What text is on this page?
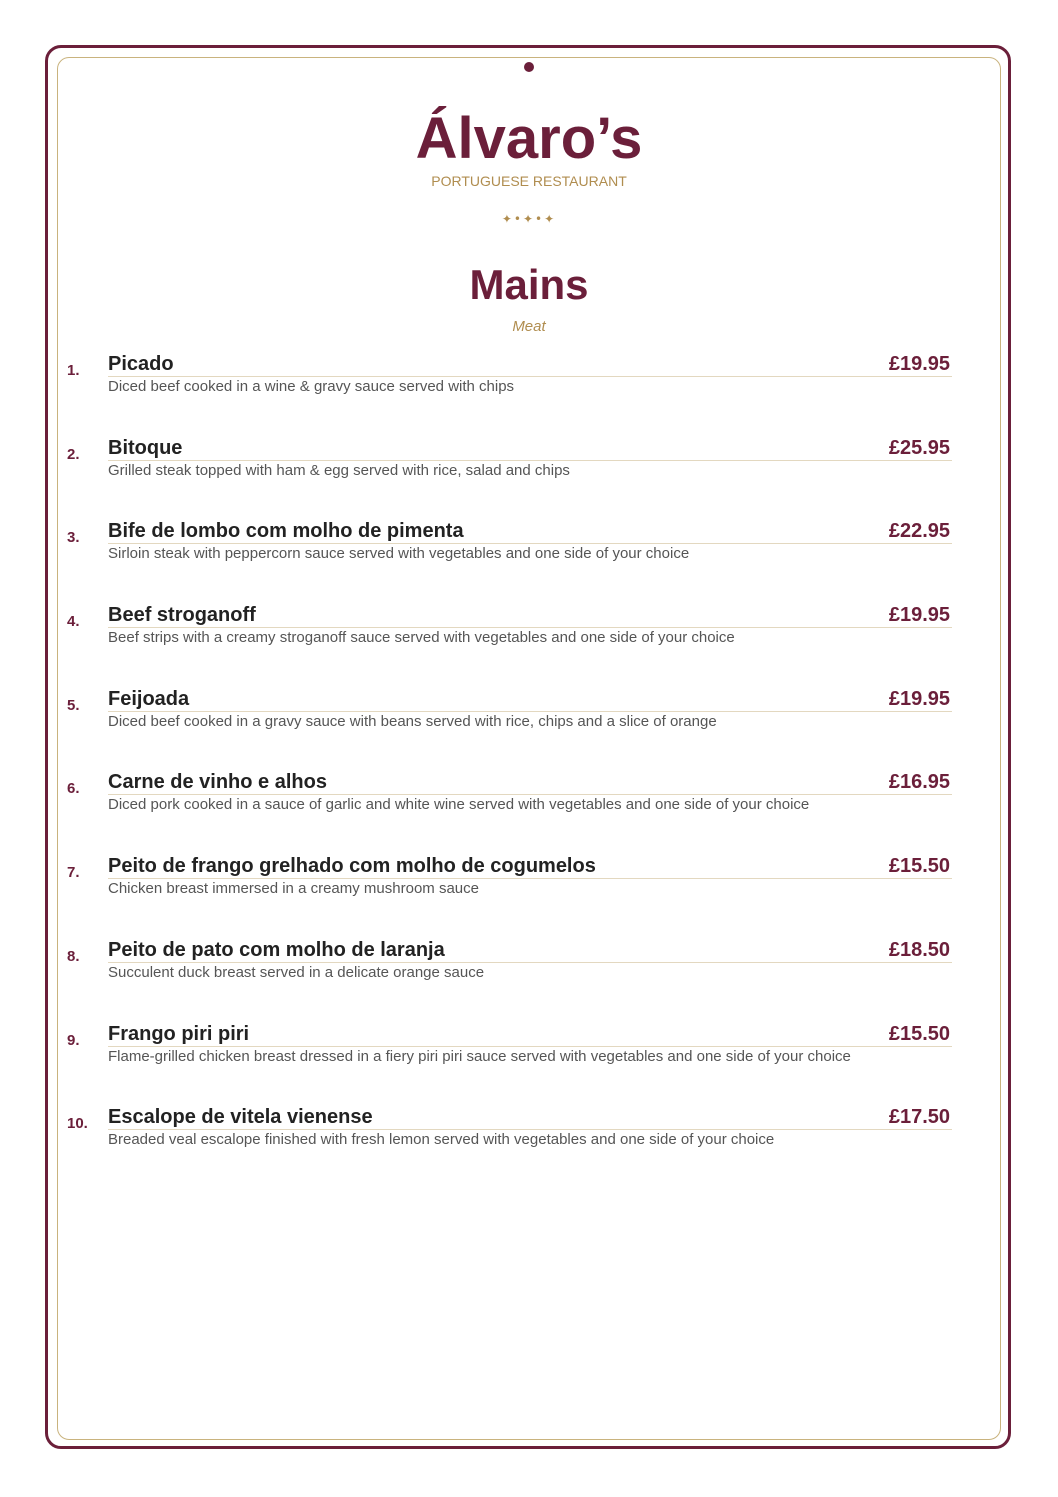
Álvaro’s
PORTUGUESE RESTAURANT
✦•✦•✦
Mains
Meat
1. Picado	£19.95
Diced beef cooked in a wine & gravy sauce served with chips
2. Bitoque	£25.95
Grilled steak topped with ham & egg served with rice, salad and chips
3. Bife de lombo com molho de pimenta	£22.95
Sirloin steak with peppercorn sauce served with vegetables and one side of your choice
4. Beef stroganoff	£19.95
Beef strips with a creamy stroganoff sauce served with vegetables and one side of your choice
5. Feijoada	£19.95
Diced beef cooked in a gravy sauce with beans served with rice, chips and a slice of orange
6. Carne de vinho e alhos	£16.95
Diced pork cooked in a sauce of garlic and white wine served with vegetables and one side of your choice
7. Peito de frango grelhado com molho de cogumelos	£15.50
Chicken breast immersed in a creamy mushroom sauce
8. Peito de pato com molho de laranja	£18.50
Succulent duck breast served in a delicate orange sauce
9. Frango piri piri	£15.50
Flame-grilled chicken breast dressed in a fiery piri piri sauce served with vegetables and one side of your choice
10. Escalope de vitela vienense	£17.50
Breaded veal escalope finished with fresh lemon served with vegetables and one side of your choice
